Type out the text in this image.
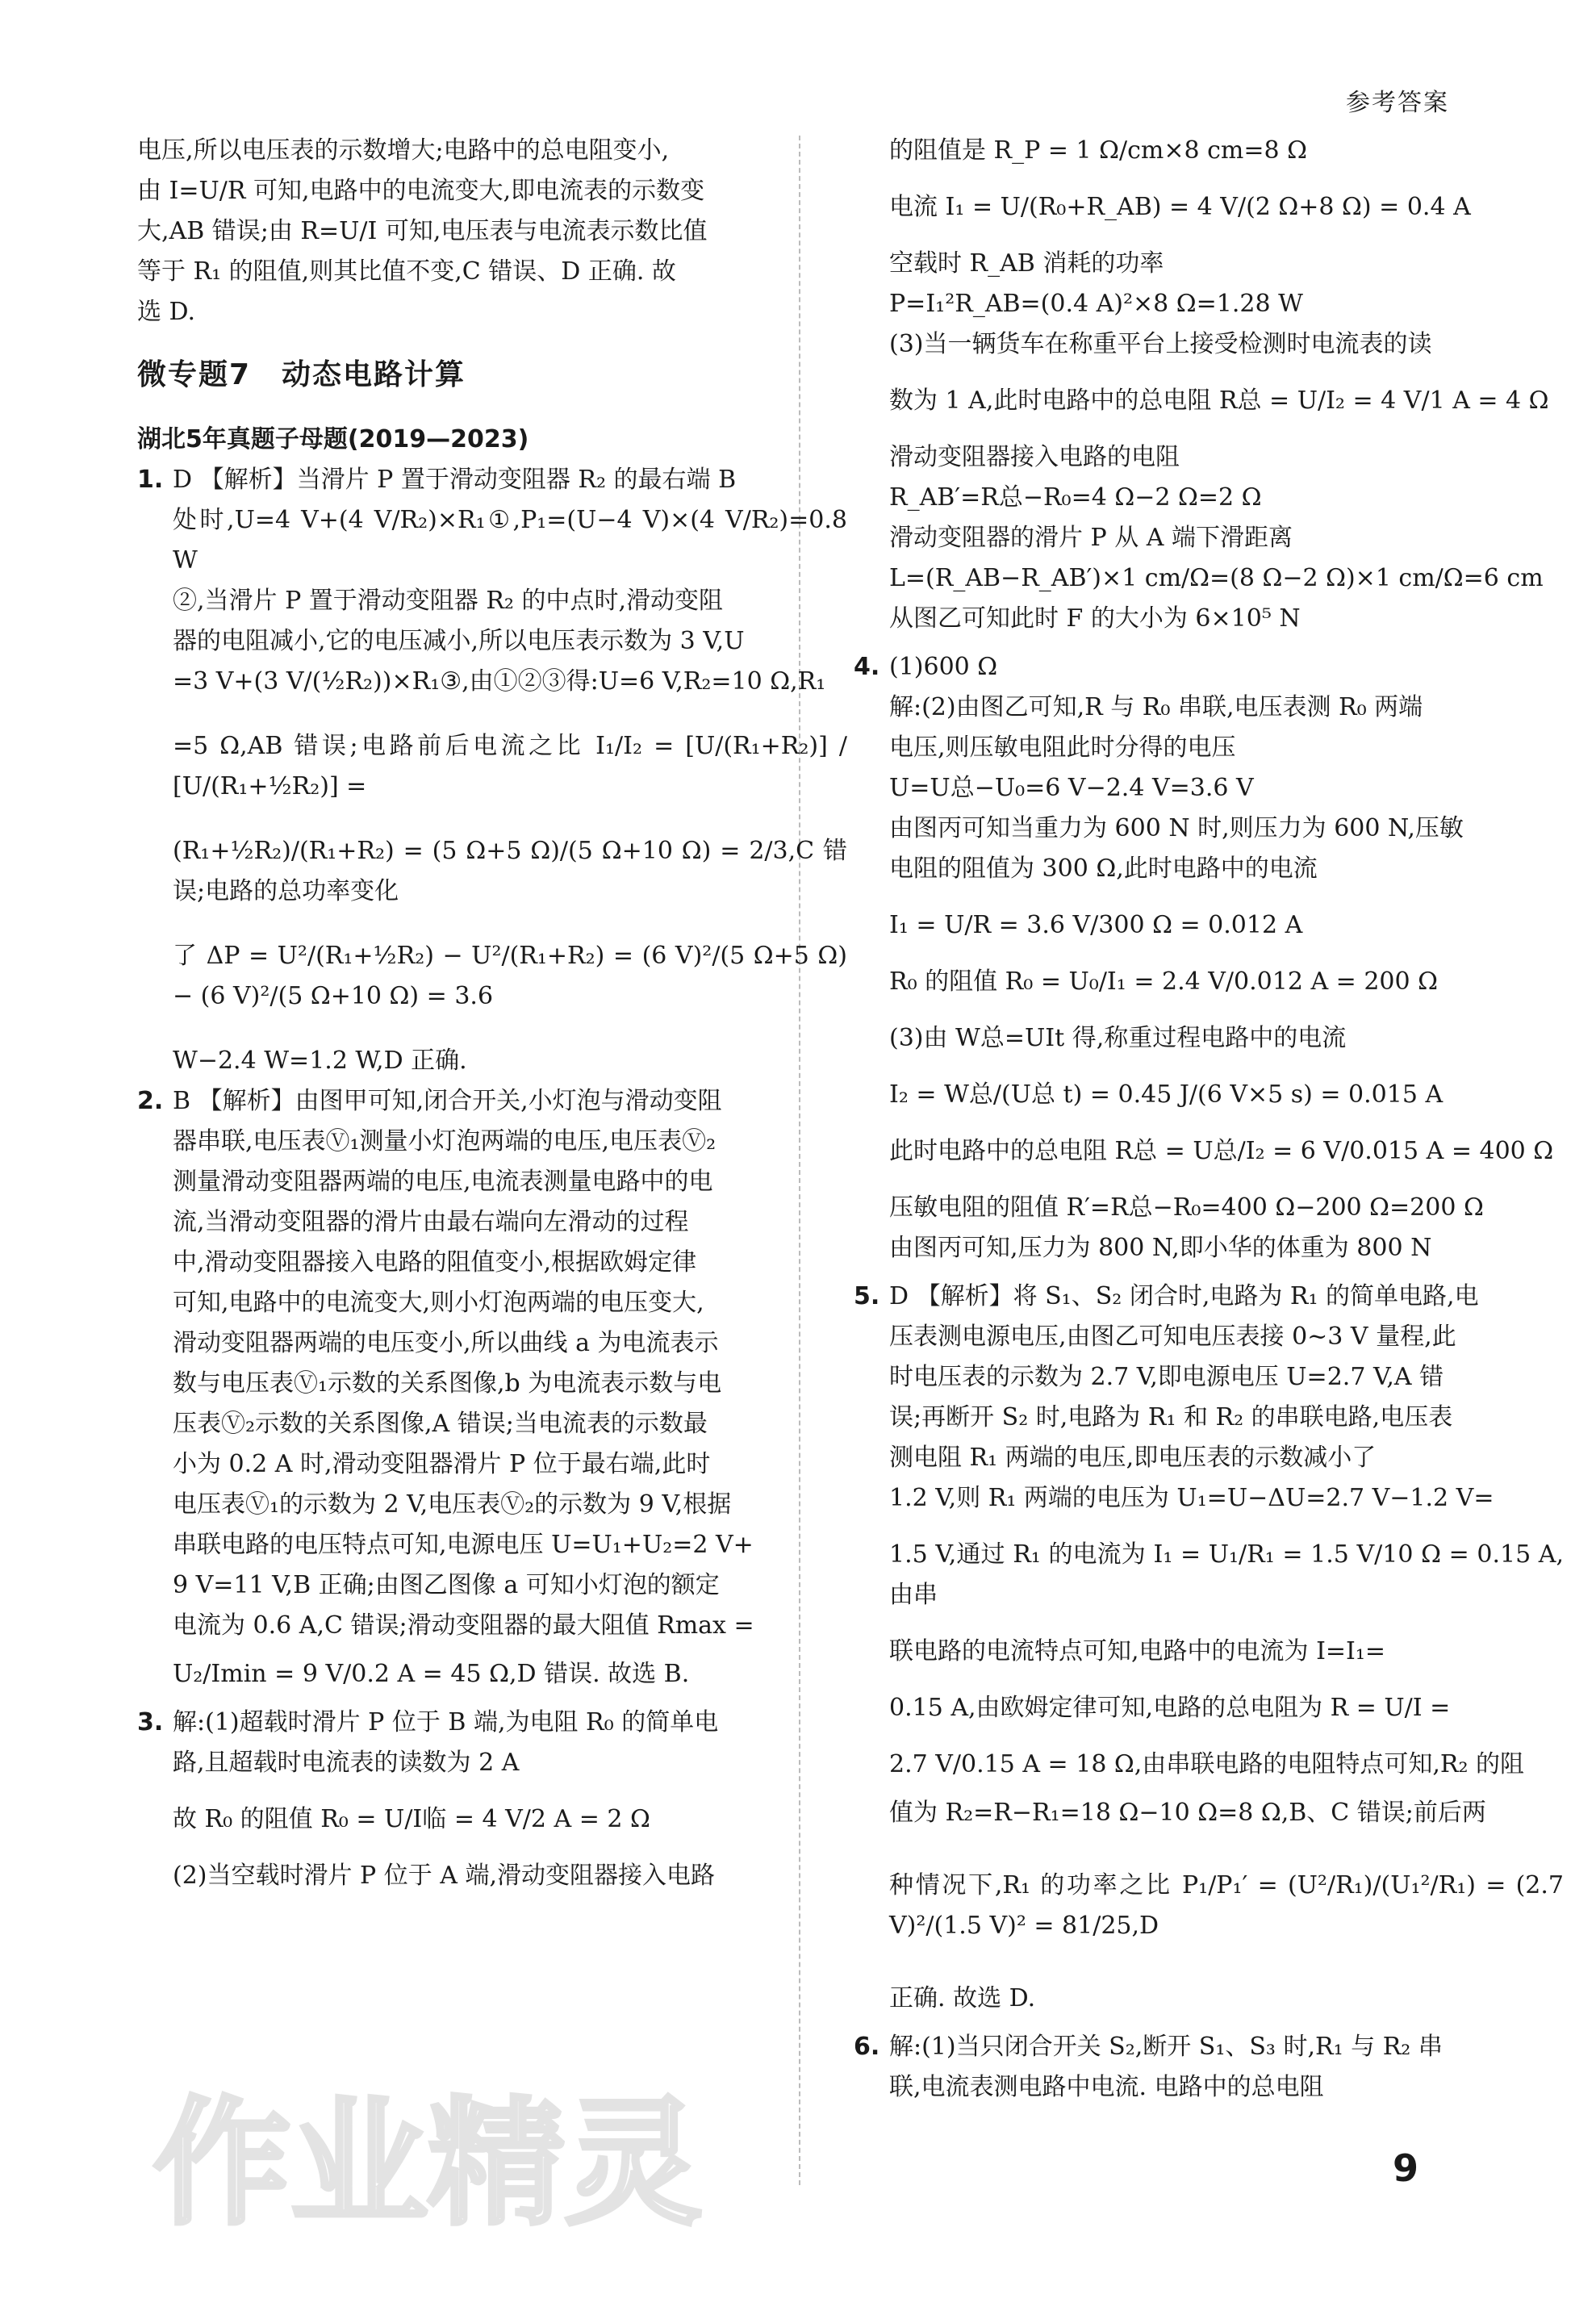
参考答案

电压,所以电压表的示数增大;电路中的总电阻变小,

由 I=U/R 可知,电路中的电流变大,即电流表的示数变

大,AB 错误;由 R=U/I 可知,电压表与电流表示数比值

等于 R₁ 的阻值,则其比值不变,C 错误、D 正确. 故

选 D.

微专题7　动态电路计算

湖北5年真题子母题(2019—2023)

1. D 【解析】当滑片 P 置于滑动变阻器 R₂ 的最右端 B

处时,U=4 V+(4 V/R₂)×R₁①,P₁=(U−4 V)×(4 V/R₂)=0.8 W

②,当滑片 P 置于滑动变阻器 R₂ 的中点时,滑动变阻

器的电阻减小,它的电压减小,所以电压表示数为 3 V,U

=3 V+(3 V/(½R₂))×R₁③,由①②③得:U=6 V,R₂=10 Ω,R₁

=5 Ω,AB 错误;电路前后电流之比 I₁/I₂ = [U/(R₁+R₂)] / [U/(R₁+½R₂)] =

(R₁+½R₂)/(R₁+R₂) = (5 Ω+5 Ω)/(5 Ω+10 Ω) = 2/3,C 错误;电路的总功率变化

了 ΔP = U²/(R₁+½R₂) − U²/(R₁+R₂) = (6 V)²/(5 Ω+5 Ω) − (6 V)²/(5 Ω+10 Ω) = 3.6

W−2.4 W=1.2 W,D 正确.

2. B 【解析】由图甲可知,闭合开关,小灯泡与滑动变阻

器串联,电压表Ⓥ₁测量小灯泡两端的电压,电压表Ⓥ₂

测量滑动变阻器两端的电压,电流表测量电路中的电

流,当滑动变阻器的滑片由最右端向左滑动的过程

中,滑动变阻器接入电路的阻值变小,根据欧姆定律

可知,电路中的电流变大,则小灯泡两端的电压变大,

滑动变阻器两端的电压变小,所以曲线 a 为电流表示

数与电压表Ⓥ₁示数的关系图像,b 为电流表示数与电

压表Ⓥ₂示数的关系图像,A 错误;当电流表的示数最

小为 0.2 A 时,滑动变阻器滑片 P 位于最右端,此时

电压表Ⓥ₁的示数为 2 V,电压表Ⓥ₂的示数为 9 V,根据

串联电路的电压特点可知,电源电压 U=U₁+U₂=2 V+

9 V=11 V,B 正确;由图乙图像 a 可知小灯泡的额定

电流为 0.6 A,C 错误;滑动变阻器的最大阻值 Rmax =

U₂/Imin = 9 V/0.2 A = 45 Ω,D 错误. 故选 B.

3. 解:(1)超载时滑片 P 位于 B 端,为电阻 R₀ 的简单电

路,且超载时电流表的读数为 2 A

故 R₀ 的阻值 R₀ = U/I临 = 4 V/2 A = 2 Ω

(2)当空载时滑片 P 位于 A 端,滑动变阻器接入电路

的阻值是 R_P = 1 Ω/cm×8 cm=8 Ω

电流 I₁ = U/(R₀+R_AB) = 4 V/(2 Ω+8 Ω) = 0.4 A

空载时 R_AB 消耗的功率

P=I₁²R_AB=(0.4 A)²×8 Ω=1.28 W

(3)当一辆货车在称重平台上接受检测时电流表的读

数为 1 A,此时电路中的总电阻 R总 = U/I₂ = 4 V/1 A = 4 Ω

滑动变阻器接入电路的电阻

R_AB′=R总−R₀=4 Ω−2 Ω=2 Ω

滑动变阻器的滑片 P 从 A 端下滑距离

L=(R_AB−R_AB′)×1 cm/Ω=(8 Ω−2 Ω)×1 cm/Ω=6 cm

从图乙可知此时 F 的大小为 6×10⁵ N

4. (1)600 Ω

解:(2)由图乙可知,R 与 R₀ 串联,电压表测 R₀ 两端

电压,则压敏电阻此时分得的电压

U=U总−U₀=6 V−2.4 V=3.6 V

由图丙可知当重力为 600 N 时,则压力为 600 N,压敏

电阻的阻值为 300 Ω,此时电路中的电流

I₁ = U/R = 3.6 V/300 Ω = 0.012 A

R₀ 的阻值 R₀ = U₀/I₁ = 2.4 V/0.012 A = 200 Ω

(3)由 W总=UIt 得,称重过程电路中的电流

I₂ = W总/(U总 t) = 0.45 J/(6 V×5 s) = 0.015 A

此时电路中的总电阻 R总 = U总/I₂ = 6 V/0.015 A = 400 Ω

压敏电阻的阻值 R′=R总−R₀=400 Ω−200 Ω=200 Ω

由图丙可知,压力为 800 N,即小华的体重为 800 N

5. D 【解析】将 S₁、S₂ 闭合时,电路为 R₁ 的简单电路,电

压表测电源电压,由图乙可知电压表接 0~3 V 量程,此

时电压表的示数为 2.7 V,即电源电压 U=2.7 V,A 错

误;再断开 S₂ 时,电路为 R₁ 和 R₂ 的串联电路,电压表

测电阻 R₁ 两端的电压,即电压表的示数减小了

1.2 V,则 R₁ 两端的电压为 U₁=U−ΔU=2.7 V−1.2 V=

1.5 V,通过 R₁ 的电流为 I₁ = U₁/R₁ = 1.5 V/10 Ω = 0.15 A,由串

联电路的电流特点可知,电路中的电流为 I=I₁=

0.15 A,由欧姆定律可知,电路的总电阻为 R = U/I =

2.7 V/0.15 A = 18 Ω,由串联电路的电阻特点可知,R₂ 的阻

值为 R₂=R−R₁=18 Ω−10 Ω=8 Ω,B、C 错误;前后两

种情况下,R₁ 的功率之比 P₁/P₁′ = (U²/R₁)/(U₁²/R₁) = (2.7 V)²/(1.5 V)² = 81/25,D

正确. 故选 D.

6. 解:(1)当只闭合开关 S₂,断开 S₁、S₃ 时,R₁ 与 R₂ 串

联,电流表测电路中电流. 电路中的总电阻

作业精灵	9
